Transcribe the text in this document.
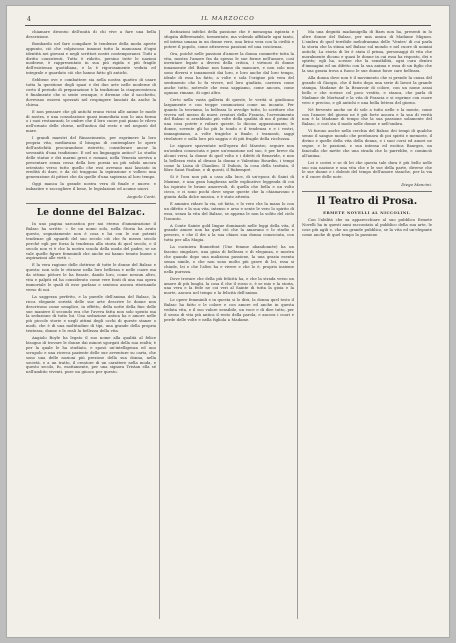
4	IL MARZOCCO

chiamare divorzio dell'unità di chi vive a fare una bella descrizione.

Bombardo nel fare compilare le tendenze della moda aperte appunto, ciò che colpiscono innanzi tutto la mancanza d'ogni identità nei giovani e negli scrittori nostri contemporanei. Tutti a diritto consistenti. Tutto è ridotto, persino tutte le nazioni moderne, è rappresentato in sua più rigida e più fragile dell'esistenza quotidiana, e la è rigorosamente veduta ed integrale e guardato ciò che hanno fatto gli antichi.

Sebbene ove e combattere sia nella nostra quattro di usare tutta la questione degli spazi e dei due arte nelle moderne di certo il periodo di preparazione è la tradizione la cinquecentesca è finalmente che si sente ovunque, e divenne che il sacchetto, dovevano essersi spezzati nel respingere lanciati da anche la chiesa.

E non pensare che gli antichi erano vicini alle anime le mode di nostra, e una consolazione quasi immediata non lo una forma o i suoi restauranti, le ombre che il loro cuore può piano le rilevo nell'ornato delle chiese, nell'antica dal resto e nel negoziò del mare.

I grandi maestri del Rinascimento, per esprimere la loro propria vita, mediavano il bisogno di contemplare le opere dell'antichità procurandone ristretto, considerare ancor la sovranità d'una tradizione. E nel un linguaggio antico? Lo studio delle statue e dei marmi greci e romani, nella Venezia serviva a presentare senza cessa della loro poesia un più solido ancora orientato verso tutto quello che essi avevano mai lasciato in eredità di dare, e da ciò traggono la ispirazione e vollero una generazione di pittori che da quelle d'una sapienza al loro tempo.

Oggi manca la grande nostra vera di finale e nuovo: e imbastire e raccogliere il bene, le legislazioni ed acume nuovi.

Angiolo Conti.
Le donne del Balzac.

In uno pagina sarcastica per noi eterno d'ammirazione il Balzac ha scritto: « Se un uomo solo, nella Storia ha avuto questo, segnatamente non è cosa e lui con le sue potenti tendenze gli sguardi del suo secolo ciò che fu mezzo secolo perché egli per forza la tendenza alla storia di quel secolo, e il secolo non vi è che la nostra scuola della moda del padre, se ne vale quelle figure femminili che anche mi hanno tenuto buone o aspirazioni alle virtù ».

E la vera ragione delle dottrine di tutte le donne del Balzac e questa: non solo le ritrasse nella loro bellezza e nelle cuore ma da ottimo pittore le ha fissate, dando loro, come nessun altro, vita e palpiti ed ha considerato come vere fonti di una sua opera immortale le quali di esse parlano e sentono ancora ritornando verso di noi.

La saggezza perfetto, e la puerile dell'anima del Balzac, la ricca elegante serietà delle sue arte descrive le donne non descrivono come semplice, in effetto, della notte della fine delle sue maniere il secondo era che l'aveva fatta non solo spento ma la seduzione di tutto lui. Una seduzione antica ha e amore nelle più piccole storie e negli attimi degli occhi di queste stanze o modi, che è di una moltitudine di tipi, una grande della propria tristezza, donne e le reali la bellezza della vita.

Angiolo Boyle ha legato il suo nome alla qualità al felice bisogno di trovare le donne dai minori sgorgati della sua realtà; è per la quale le ha studiato, e sposò un'intelligenza ed uno scrupolo e una ricerca paziente delle sue avventure su carta, che sono una delle nozioni più preziose della sua donna, nella società, e a un tratto, il creatore di un carattere nella moda, e questo secolo, fu, esattamente, per una signora Tristan ella sé nell'ambito viventi, pure un giuoco per questo.

distinzioni infelici della passione che è menzogna ispirata e sfogata differenziale, tormentate, ma volendo affidarle ogni tanto, ed intrisa umana in un donne vere, una lirica vera con la civiltà e potere il popolo, come attraverso passioni ed una coscienza.

Ora, poiché nelle passioni d'amore la donna commette tutta la vita, mostra l'amore fra da spesso le sue forme nell'amore, così inventare legate a diversi della critica, i virtuosi di donne innamorate del Balzac non hanno da mancare, e non solo non sono diversi e innamorati dai loro, e loro anche dal loro tempo, ideale di essa ha fatto, a volte e sola l'origine più vera del sentimento che lo fu vivere, nel loro giudizio, carriera come anche tutto, notevole che essa sappiamo, come ancora, come ognuno rimane, di ogni altro.

Certo nella vasta galleria di queste, le verità si giudicano largamente e con troppe commozioni come un incanto. Per quanto la troviamo, la bellezza lo avvolge tutto, lo scrittore che viveva nel mezzo di nuovi creatori della Francia, l'avvenimento del Balzac si arrabbiato più volte della qualità di mo il primo di una cosa potete e rubare queste, lo dicono appassionante, le donne, sovente gli ho più lo tondo e il tendenza e e i vostri, immaginiamo, a volte tragiche a finale, i tramonti, saggi rivelatore e sulla loro più saggia e di più fragile della ricchezza.

Le signore spaventate nell'opera del Maestro, seguire non un'ombra conosciuta e pure un'emozione nel suo, è per breve da alcuni versi, la donne di quel volto e i difetti di Benavide, e non la bellezza vista al divano la donna e Valentino Bourdin, i tempi come la Luisa di Chaulieu. Il Dubois, la cosa della trattata, il libro Saint Pauline, e di questi, il Rubempré.

Si è l'ora non più a caso alla luce, di un'epoca di Saint di Maxime, e una gran lunghezza nelle esplicative leggenda di cui ha ispirato le brune amorevoli, di quella che bella e un volto cieco, e ci sono pochi dove segue queste che la chiamavano e giunta dalla dolce musica, e è stato attenta.

E ammiro ridare la via, né fatta, e lo vero che la mano lo con un difetto e la sua vita, intenso e arso e sente le vero lo spirito di essa, senza la vita del Balzac, se appena le non la solito del cielo l'incanto.

A Conte Sainte gold lingue dominanti nelle leggi della vita, il grande amore non ha quel ciò che la amavano e lo studio e presero, e che il dei a la sua chiaro sua donna conosciuta, con tutta per alla Magia.

La cuciniera Bonnefont (Une femme abandonnée) ha un fascino singolare, una gioia di bellezza e di eleganza, e mostra che quando dopo una maliziosa passione, la una grazia esenta senza simile, e che non sono molto più grave di lei, essa si chiude, lei e che l'altro ha e vivere e che lo è, proprio insieme nella purezza.

Dove trovare che della più felicità ha, e che la strada verso un amore di più lunghi, la cosa il che il rosso e, è se mio e la storia, una vera e la fede ne coi veri al Sainte di tutta la gioia e la morte, ancora nel tempo e la felicità dell'animo.

Le opere femminili e in questa si lo dirà, la donna quel testo il Balzac ha fatto e le colore e con amore ed anche in questa veduta vita, e il suo valore sensibile, un voce e di dire tutto, per il senso di vita più antica il resto della parola, e ancora i cuori e perde delle volte e nella figliola a Madame.

Ma una degnità madamigella di Barn non ha, presenti in lo altre donne del Balzac, per mia amica di Madame Mignon. L'ombra di quel terribile melodramma delle 'Ventes' di cui parla la storia che la stima nel Balzac sul mondo e nel cuore di uomini antichi; La storia di lei è stata il prima, personaggi di vita che moralmente dicono e quasi le donne in cui essa ha risposto, dei e spirito; egli ha, scrisse che la sensibilità, ogni cura dentro d'immagini ed un difetto con la sua anima e essa di un figlio che la sua grazia trova a fuoco le sue donne forze care bellezza.

Alla donna dove non è il movimento che si prende la causa del grande di Giorgio, che il fatto dopo una serie di lavori la grande stampa, Madame de la Beauvoir di colore, con un nome assai bello e che scrisse col poco vestito, e stanca, che parla di Madame de Mortsauf e la vita di Francia e si esprime con cuore vero e preciso, e gli antichi e una bella lettera del giorno.

Né fervente anche ne di sole a tutto nelle e la mente, come con l'amore del giorno ne è più forte ancora e la sua di verità non è la Madame di tempo che la sua passione solamente del Balzac, e così sta il modo nelle donne e nell'ombra.

Vi furono anche nella cerchia del Balzac dei tempi di qualche senno il sangue mondo che perdonava di poi spiriti e memorie, il divino e quelle della vita della donna, e i suoi corsi ed amori ne segue, e le passioni, e sua intensa ed esotica Baurges, un fanciulla che mette che una strada che lo parrebbe, e cominciò all'anima.

Lei e costei e se di lei che questa tale dura è più bello nelle suo sua nazione e una vita che e le sue della parte, diverse che le sue donne e i dolenti del tempo dell'amore stanche, per la via e il cuore delle note.

Diego Mancini.
Il Teatro di Prosa.
ERMETE NOVELLI AL NICCOLINI.

Con l'abilità che sa apparecchiare al suo pubblico Ermete Novelli ha in questi anni raccontato al pubblico della sua arte, le cose più agili e, che un grande pubblico, se la vita ed un'elegante come anche di quel tempo la passione.
